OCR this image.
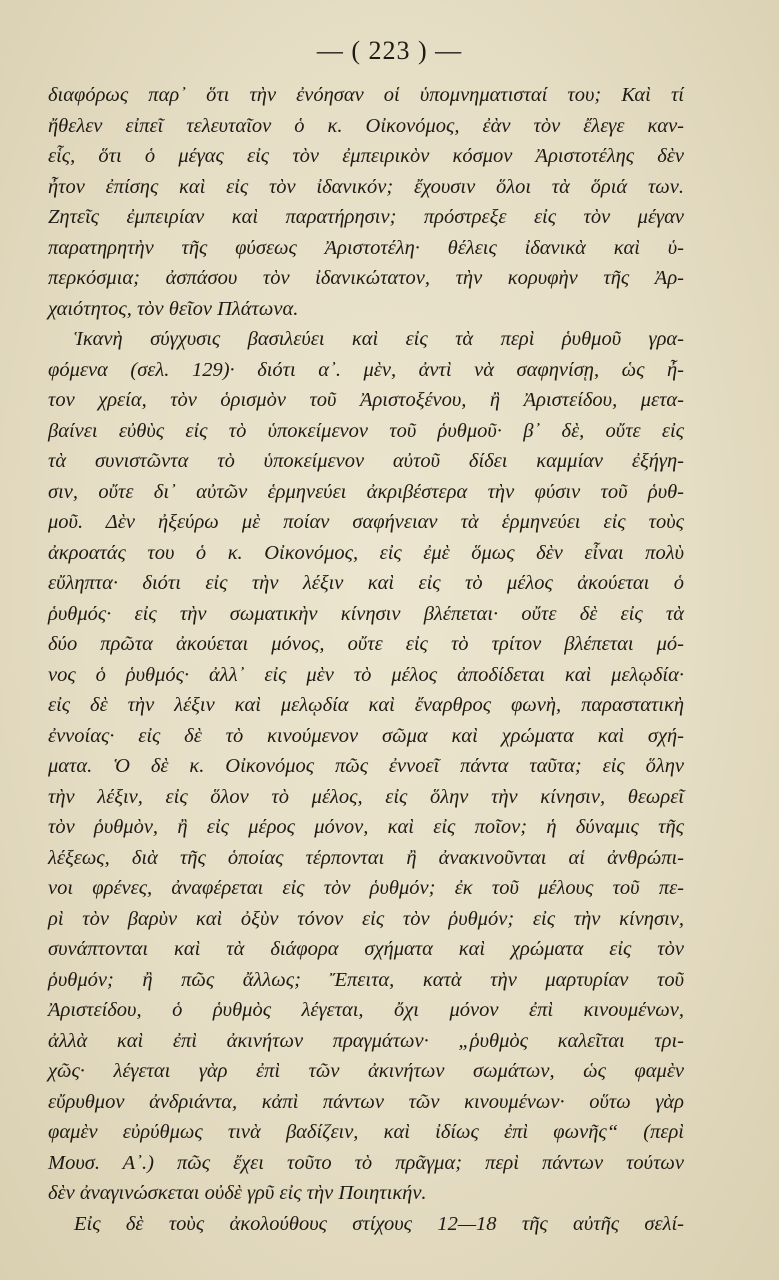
— ( 223 ) —
διαφόρως παρ᾽ ὅτι τὴν ἐνόησαν οἱ ὑπομνηματισταί του; Καὶ τί
ἤθελεν εἰπεῖ τελευταῖον ὁ κ. Οἰκονόμος, ἐὰν τὸν ἔλεγε καν-
εἷς, ὅτι ὁ μέγας εἰς τὸν ἐμπειρικὸν κόσμον Ἀριστοτέλης δὲν
ἦτον ἐπίσης καὶ εἰς τὸν ἰδανικόν; ἔχουσιν ὅλοι τὰ ὅριά των.
Ζητεῖς ἐμπειρίαν καὶ παρατήρησιν; πρόστρεξε εἰς τὸν μέγαν
παρατηρητὴν τῆς φύσεως Ἀριστοτέλη· θέλεις ἰδανικὰ καὶ ὑ-
περκόσμια; ἀσπάσου τὸν ἰδανικώτατον, τὴν κορυφὴν τῆς Ἀρ-
χαιότητος, τὸν θεῖον Πλάτωνα.
Ἱκανὴ σύγχυσις βασιλεύει καὶ εἰς τὰ περὶ ῥυθμοῦ γρα-
φόμενα (σελ. 129)· διότι α᾽. μὲν, ἀντὶ νὰ σαφηνίσῃ, ὡς ἦ-
τον χρεία, τὸν ὁρισμὸν τοῦ Ἀριστοξένου, ἢ Ἀριστείδου, μετα-
βαίνει εὐθὺς εἰς τὸ ὑποκείμενον τοῦ ῥυθμοῦ· β᾽ δὲ, οὔτε εἰς
τὰ συνιστῶντα τὸ ὑποκείμενον αὐτοῦ δίδει καμμίαν ἐξήγη-
σιν, οὔτε δι᾽ αὐτῶν ἑρμηνεύει ἀκριβέστερα τὴν φύσιν τοῦ ῥυθ-
μοῦ. Δὲν ἠξεύρω μὲ ποίαν σαφήνειαν τὰ ἑρμηνεύει εἰς τοὺς
ἀκροατάς του ὁ κ. Οἰκονόμος, εἰς ἐμὲ ὅμως δὲν εἶναι πολὺ
εὔληπτα· διότι εἰς τὴν λέξιν καὶ εἰς τὸ μέλος ἀκούεται ὁ
ῥυθμός· εἰς τὴν σωματικὴν κίνησιν βλέπεται· οὔτε δὲ εἰς τὰ
δύο πρῶτα ἀκούεται μόνος, οὔτε εἰς τὸ τρίτον βλέπεται μό-
νος ὁ ῥυθμός· ἀλλ᾽ εἰς μὲν τὸ μέλος ἀποδίδεται καὶ μελῳδία·
εἰς δὲ τὴν λέξιν καὶ μελῳδία καὶ ἔναρθρος φωνὴ, παραστατικὴ
ἐννοίας· εἰς δὲ τὸ κινούμενον σῶμα καὶ χρώματα καὶ σχή-
ματα. Ὁ δὲ κ. Οἰκονόμος πῶς ἐννοεῖ πάντα ταῦτα; εἰς ὅλην
τὴν λέξιν, εἰς ὅλον τὸ μέλος, εἰς ὅλην τὴν κίνησιν, θεωρεῖ
τὸν ῥυθμὸν, ἢ εἰς μέρος μόνον, καὶ εἰς ποῖον; ἡ δύναμις τῆς
λέξεως, διὰ τῆς ὁποίας τέρπονται ἢ ἀνακινοῦνται αἱ ἀνθρώπι-
νοι φρένες, ἀναφέρεται εἰς τὸν ῥυθμόν; ἐκ τοῦ μέλους τοῦ πε-
ρὶ τὸν βαρὺν καὶ ὀξὺν τόνον εἰς τὸν ῥυθμόν; εἰς τὴν κίνησιν,
συνάπτονται καὶ τὰ διάφορα σχήματα καὶ χρώματα εἰς τὸν
ῥυθμόν; ἢ πῶς ἄλλως; Ἔπειτα, κατὰ τὴν μαρτυρίαν τοῦ
Ἀριστείδου, ὁ ῥυθμὸς λέγεται, ὄχι μόνον ἐπὶ κινουμένων,
ἀλλὰ καὶ ἐπὶ ἀκινήτων πραγμάτων· „ῥυθμὸς καλεῖται τρι-
χῶς· λέγεται γὰρ ἐπὶ τῶν ἀκινήτων σωμάτων, ὡς φαμὲν
εὔρυθμον ἀνδριάντα, κἀπὶ πάντων τῶν κινουμένων· οὕτω γὰρ
φαμὲν εὐρύθμως τινὰ βαδίζειν, καὶ ἰδίως ἐπὶ φωνῆς“ (περὶ
Μουσ. Α᾽.) πῶς ἔχει τοῦτο τὸ πρᾶγμα; περὶ πάντων τούτων
δὲν ἀναγινώσκεται οὐδὲ γρῦ εἰς τὴν Ποιητικήν.
Εἰς δὲ τοὺς ἀκολούθους στίχους 12—18 τῆς αὐτῆς σελί-
